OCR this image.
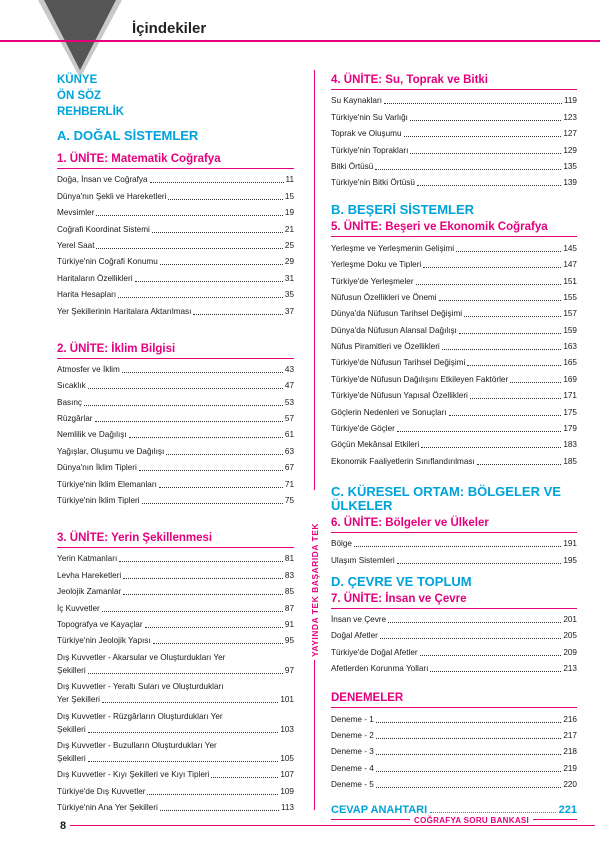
İçindekiler
YAYINDA TEK BAŞARIDA TEK
KÜNYE
ÖN SÖZ
REHBERLİK
A. DOĞAL SİSTEMLER
1. ÜNİTE: Matematik Coğrafya
Doğa, İnsan ve Coğrafya	11
Dünya'nın Şekli ve Hareketleri	15
Mevsimler	19
Coğrafi Koordinat Sistemi	21
Yerel Saat	25
Türkiye'nin Coğrafi Konumu	29
Haritaların Özellikleri	31
Harita Hesapları	35
Yer Şekillerinin Haritalara Aktarılması	37
2. ÜNİTE: İklim Bilgisi
Atmosfer ve İklim	43
Sıcaklık	47
Basınç	53
Rüzgârlar	57
Nemlilik ve Dağılışı	61
Yağışlar, Oluşumu ve Dağılışı	63
Dünya'nın İklim Tipleri	67
Türkiye'nin İklim Elemanları	71
Türkiye'nin İklim Tipleri	75
3. ÜNİTE: Yerin Şekillenmesi
Yerin Katmanları	81
Levha Hareketleri	83
Jeolojik Zamanlar	85
İç Kuvvetler	87
Topografya ve Kayaçlar	91
Türkiye'nin Jeolojik Yapısı	95
Dış Kuvvetler - Akarsular ve Oluşturdukları Yer
Şekilleri	97
Dış Kuvvetler - Yeraltı Suları ve Oluşturdukları
Yer Şekilleri	101
Dış Kuvvetler - Rüzgârların Oluşturdukları Yer
Şekilleri	103
Dış Kuvvetler - Buzulların Oluşturdukları Yer
Şekilleri	105
Dış Kuvvetler - Kıyı Şekilleri ve Kıyı Tipleri	107
Türkiye'de Dış Kuvvetler	109
Türkiye'nin Ana Yer Şekilleri	113
4. ÜNİTE: Su, Toprak ve Bitki
Su Kaynakları	119
Türkiye'nin Su Varlığı	123
Toprak ve Oluşumu	127
Türkiye'nin Toprakları	129
Bitki Örtüsü	135
Türkiye'nin Bitki Örtüsü	139
B. BEŞERİ SİSTEMLER
5. ÜNİTE: Beşeri ve Ekonomik Coğrafya
Yerleşme ve Yerleşmenin Gelişimi	145
Yerleşme Doku ve Tipleri	147
Türkiye'de Yerleşmeler	151
Nüfusun Özellikleri ve Önemi	155
Dünya'da Nüfusun Tarihsel Değişimi	157
Dünya'da Nüfusun Alansal Dağılışı	159
Nüfus Piramitleri ve Özellikleri	163
Türkiye'de Nüfusun Tarihsel Değişimi	165
Türkiye'de Nüfusun Dağılışını Etkileyen Faktörler	169
Türkiye'de Nüfusun Yapısal Özellikleri	171
Göçlerin Nedenleri ve Sonuçları	175
Türkiye'de Göçler	179
Göçün Mekânsal Etkileri	183
Ekonomik Faaliyetlerin Sınıflandırılması	185
C. KÜRESEL ORTAM: BÖLGELER VE ÜLKELER
6. ÜNİTE: Bölgeler ve Ülkeler
Bölge	191
Ulaşım Sistemleri	195
D. ÇEVRE VE TOPLUM
7. ÜNİTE: İnsan ve Çevre
İnsan ve Çevre	201
Doğal Afetler	205
Türkiye'de Doğal Afetler	209
Afetlerden Korunma Yolları	213
DENEMELER
Deneme - 1	216
Deneme - 2	217
Deneme - 3	218
Deneme - 4	219
Deneme - 5	220
CEVAP ANAHTARI	221
8	COĞRAFYA SORU BANKASI
